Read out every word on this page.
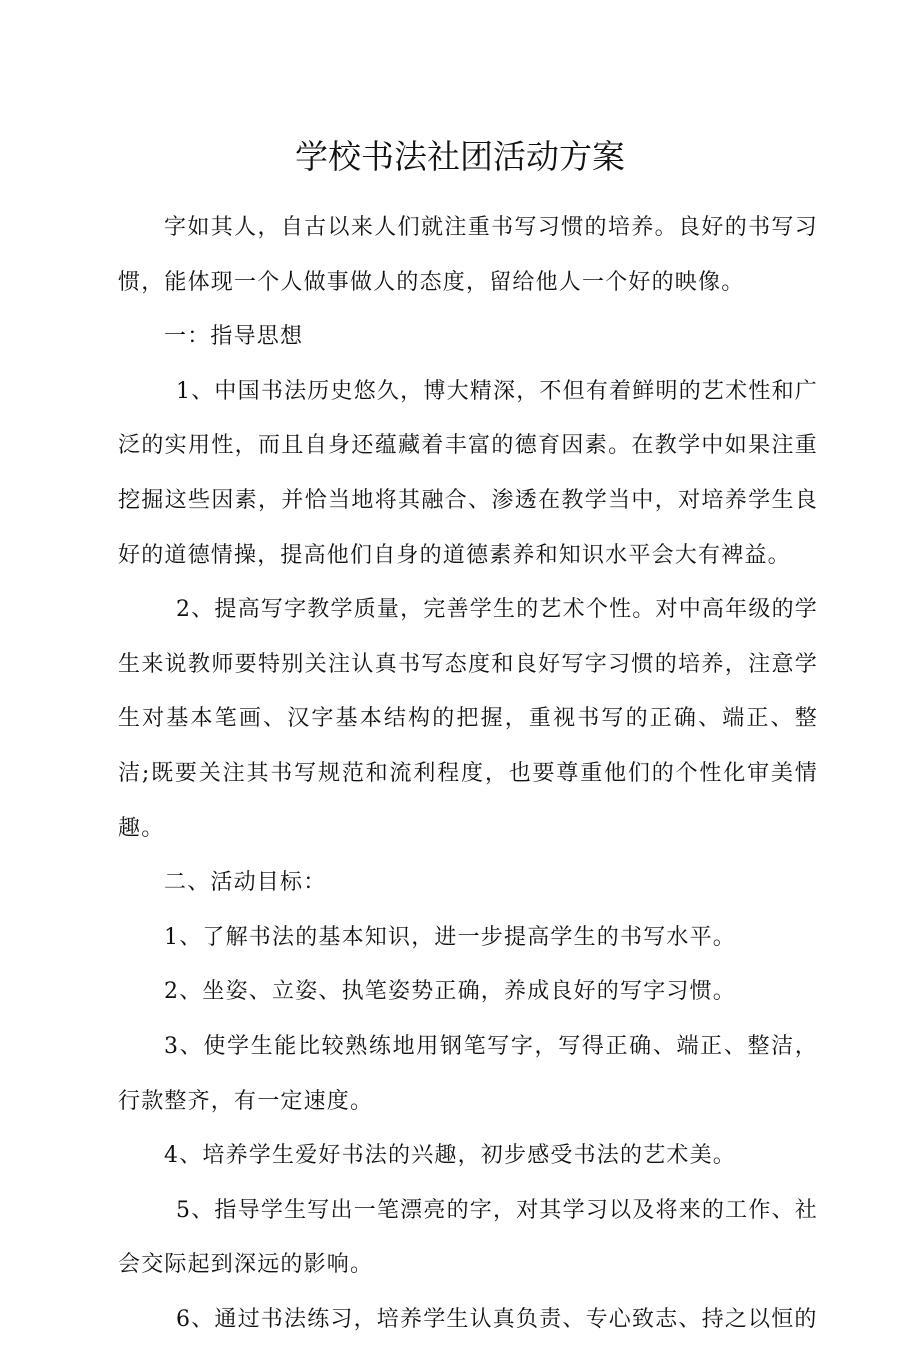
学校书法社团活动方案

字如其人，自古以来人们就注重书写习惯的培养。良好的书写习惯，能体现一个人做事做人的态度，留给他人一个好的映像。

一：指导思想

1、中国书法历史悠久，博大精深，不但有着鲜明的艺术性和广泛的实用性，而且自身还蕴藏着丰富的德育因素。在教学中如果注重挖掘这些因素，并恰当地将其融合、渗透在教学当中，对培养学生良好的道德情操，提高他们自身的道德素养和知识水平会大有裨益。

2、提高写字教学质量，完善学生的艺术个性。对中高年级的学生来说教师要特别关注认真书写态度和良好写字习惯的培养，注意学生对基本笔画、汉字基本结构的把握，重视书写的正确、端正、整洁;既要关注其书写规范和流利程度，也要尊重他们的个性化审美情趣。

二、活动目标：

1、了解书法的基本知识，进一步提高学生的书写水平。

2、坐姿、立姿、执笔姿势正确，养成良好的写字习惯。

3、使学生能比较熟练地用钢笔写字，写得正确、端正、整洁，行款整齐，有一定速度。

4、培养学生爱好书法的兴趣，初步感受书法的艺术美。

5、指导学生写出一笔漂亮的字，对其学习以及将来的工作、社会交际起到深远的影响。

6、通过书法练习，培养学生认真负责、专心致志、持之以恒的
